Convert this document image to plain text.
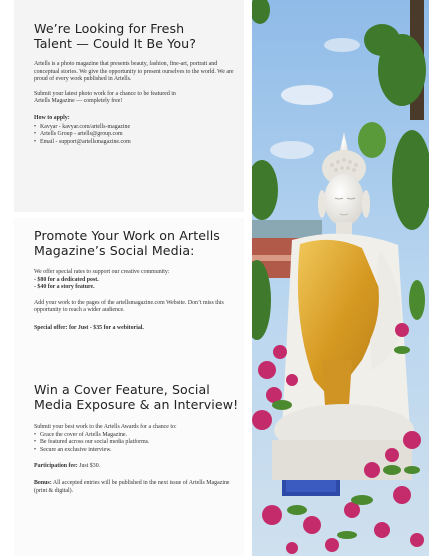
We’re Looking for Fresh
Talent — Could It Be You?

Artells is a photo magazine that presents beauty, fashion, fine-art, portrait and conceptual stories. We give the opportunity to present ourselves to the world. We are proud of every work published in Artells.

Submit your latest photo work for a chance to be featured in Artells Magazine — completely free!

How to apply:

• Kavyar - kavyar.com/artells-magazine
• Artells Group - artells@group.com
• Email - support@artellsmagazine.com
Promote Your Work on Artells
Magazine’s Social Media:

We offer special rates to support our creative community:

- $80 for a dedicated post.

- $40 for a story feature.

Add your work to the pages of the artellsmagazine.com Website. Don’t miss this opportunity to reach a wider audience.

Special offer: for Just - $35 for a webitorial.

Win a Cover Feature, Social
Media Exposure & an Interview!

Submit your best work to the Artells Awards for a chance to:

• Grace the cover of Artells Magazine.
• Be featured across our social media platforms.
• Secure an exclusive interview.

Participation fee: Just $30.

Bonus: All accepted entries will be published in the next issue of Artells Magazine (print & digital).
